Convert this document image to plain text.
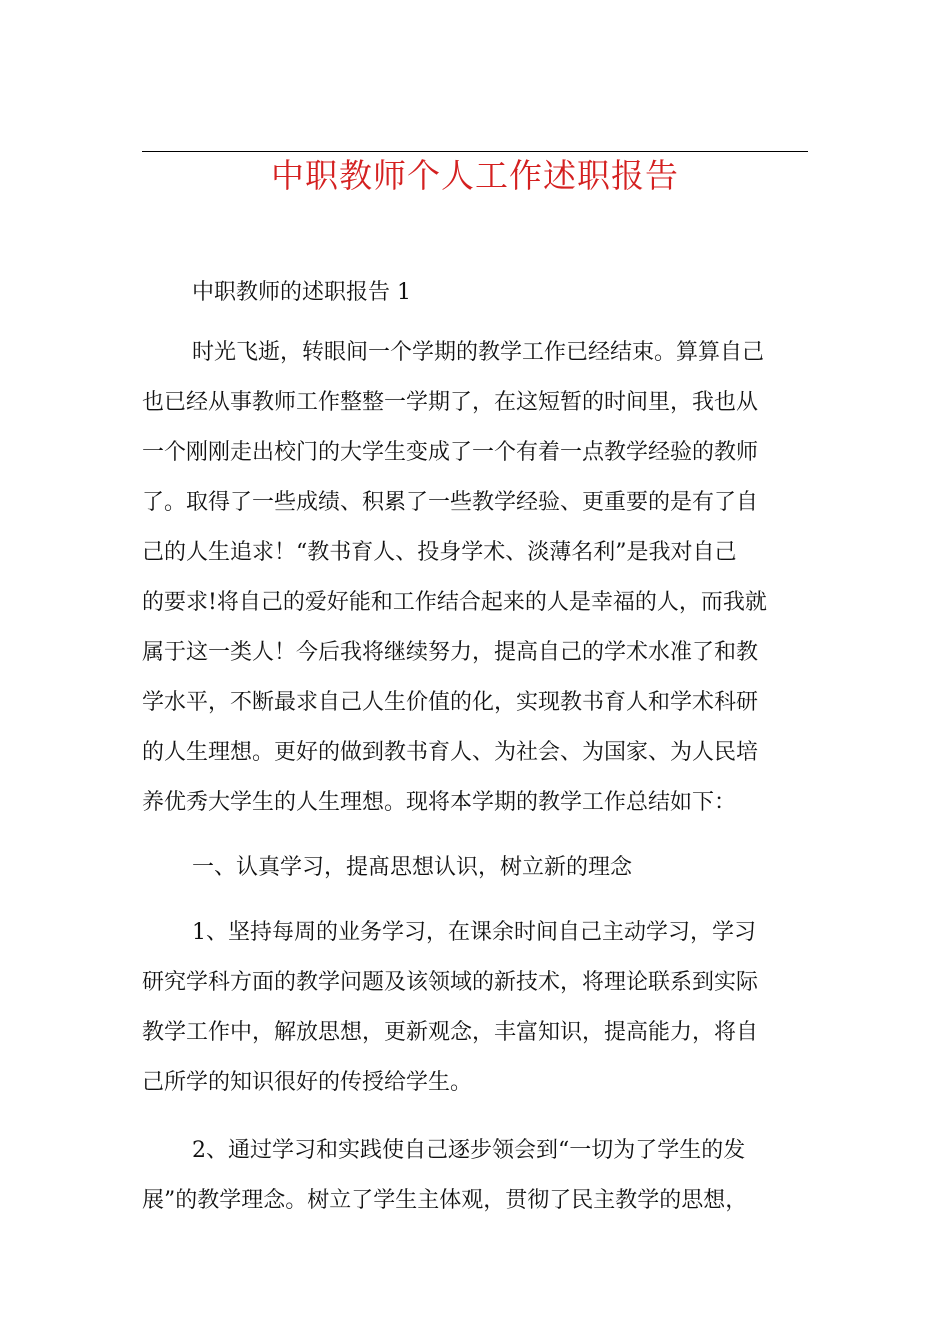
中职教师个人工作述职报告

中职教师的述职报告 1

时光飞逝，转眼间一个学期的教学工作已经结束。算算自己
也已经从事教师工作整整一学期了，在这短暂的时间里，我也从
一个刚刚走出校门的大学生变成了一个有着一点教学经验的教师
了。取得了一些成绩、积累了一些教学经验、更重要的是有了自
己的人生追求！“教书育人、投身学术、淡薄名利”是我对自己
的要求!将自己的爱好能和工作结合起来的人是幸福的人，而我就
属于这一类人！今后我将继续努力，提高自己的学术水准了和教
学水平，不断最求自己人生价值的化，实现教书育人和学术科研
的人生理想。更好的做到教书育人、为社会、为国家、为人民培
养优秀大学生的人生理想。现将本学期的教学工作总结如下：

一、认真学习，提髙思想认识，树立新的理念

1、坚持每周的业务学习，在课余时间自己主动学习，学习
研究学科方面的教学问题及该领域的新技术，将理论联系到实际
教学工作中，解放思想，更新观念，丰富知识，提高能力，将自
己所学的知识很好的传授给学生。
2、通过学习和实践使自己逐步领会到“一切为了学生的发
展”的教学理念。树立了学生主体观，贯彻了民主教学的思想，
